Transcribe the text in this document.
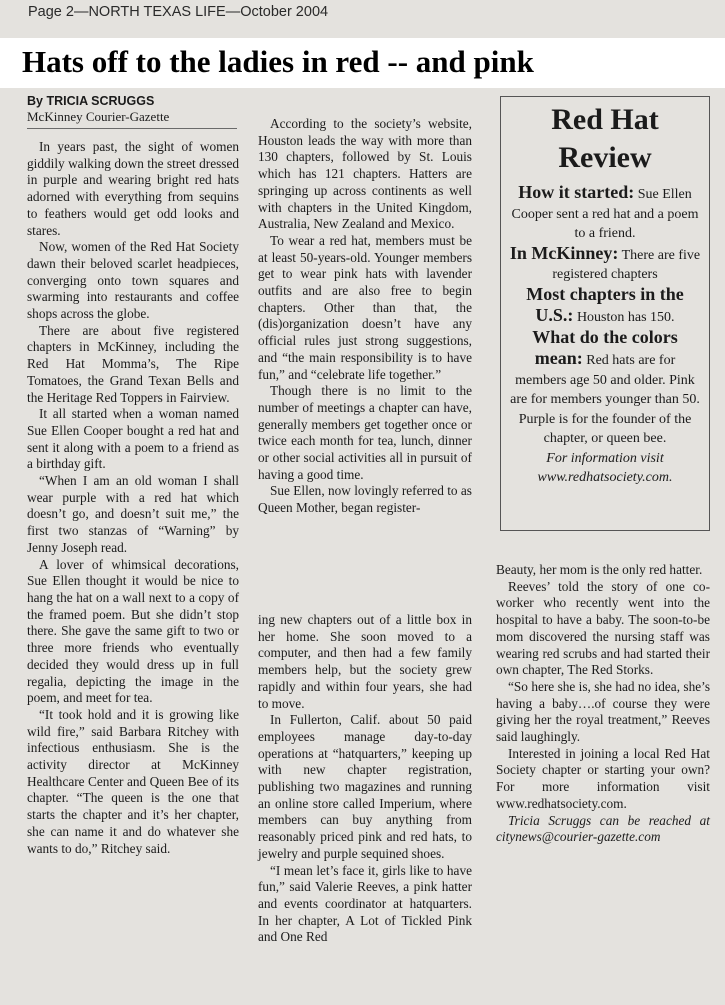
Page 2—NORTH TEXAS LIFE—October 2004
Hats off to the ladies in red -- and pink
By TRICIA SCRUGGS
McKinney Courier-Gazette

In years past, the sight of women giddily walking down the street dressed in purple and wearing bright red hats adorned with everything from sequins to feathers would get odd looks and stares.

Now, women of the Red Hat Society dawn their beloved scarlet headpieces, converging onto town squares and swarming into restaurants and coffee shops across the globe.

There are about five registered chapters in McKinney, including the Red Hat Momma’s, The Ripe Tomatoes, the Grand Texan Bells and the Heritage Red Toppers in Fairview.

It all started when a woman named Sue Ellen Cooper bought a red hat and sent it along with a poem to a friend as a birthday gift.

“When I am an old woman I shall wear purple with a red hat which doesn’t go, and doesn’t suit me,” the first two stanzas of “Warning” by Jenny Joseph read.

A lover of whimsical decorations, Sue Ellen thought it would be nice to hang the hat on a wall next to a copy of the framed poem. But she didn’t stop there. She gave the same gift to two or three more friends who eventually decided they would dress up in full regalia, depicting the image in the poem, and meet for tea.

“It took hold and it is growing like wild fire,” said Barbara Ritchey with infectious enthusiasm. She is the activity director at McKinney Healthcare Center and Queen Bee of its chapter. “The queen is the one that starts the chapter and it’s her chapter, she can name it and do whatever she wants to do,” Ritchey said.

According to the society’s website, Houston leads the way with more than 130 chapters, followed by St. Louis which has 121 chapters. Hatters are springing up across continents as well with chapters in the United Kingdom, Australia, New Zealand and Mexico.

To wear a red hat, members must be at least 50-years-old. Younger members get to wear pink hats with lavender outfits and are also free to begin chapters. Other than that, the (dis)organization doesn’t have any official rules just strong suggestions, and “the main responsibility is to have fun,” and “celebrate life together.”

Though there is no limit to the number of meetings a chapter can have, generally members get together once or twice each month for tea, lunch, dinner or other social activities all in pursuit of having a good time.

Sue Ellen, now lovingly referred to as Queen Mother, began register-

ing new chapters out of a little box in her home. She soon moved to a computer, and then had a few family members help, but the society grew rapidly and within four years, she had to move.

In Fullerton, Calif. about 50 paid employees manage day-to-day operations at “hatquarters,” keeping up with new chapter registration, publishing two magazines and running an online store called Imperium, where members can buy anything from reasonably priced pink and red hats, to jewelry and purple sequined shoes.

“I mean let’s face it, girls like to have fun,” said Valerie Reeves, a pink hatter and events coordinator at hatquarters. In her chapter, A Lot of Tickled Pink and One Red

Red Hat Review

How it started: Sue Ellen Cooper sent a red hat and a poem to a friend.

In McKinney: There are five registered chapters

Most chapters in the U.S.: Houston has 150.

What do the colors mean: Red hats are for members age 50 and older. Pink are for members younger than 50. Purple is for the founder of the chapter, or queen bee.

For information visit www.redhatsociety.com.

Beauty, her mom is the only red hatter.

Reeves’ told the story of one co-worker who recently went into the hospital to have a baby. The soon-to-be mom discovered the nursing staff was wearing red scrubs and had started their own chapter, The Red Storks.

“So here she is, she had no idea, she’s having a baby….of course they were giving her the royal treatment,” Reeves said laughingly.

Interested in joining a local Red Hat Society chapter or starting your own? For more information visit www.redhatsociety.com.

Tricia Scruggs can be reached at citynews@courier-gazette.com
